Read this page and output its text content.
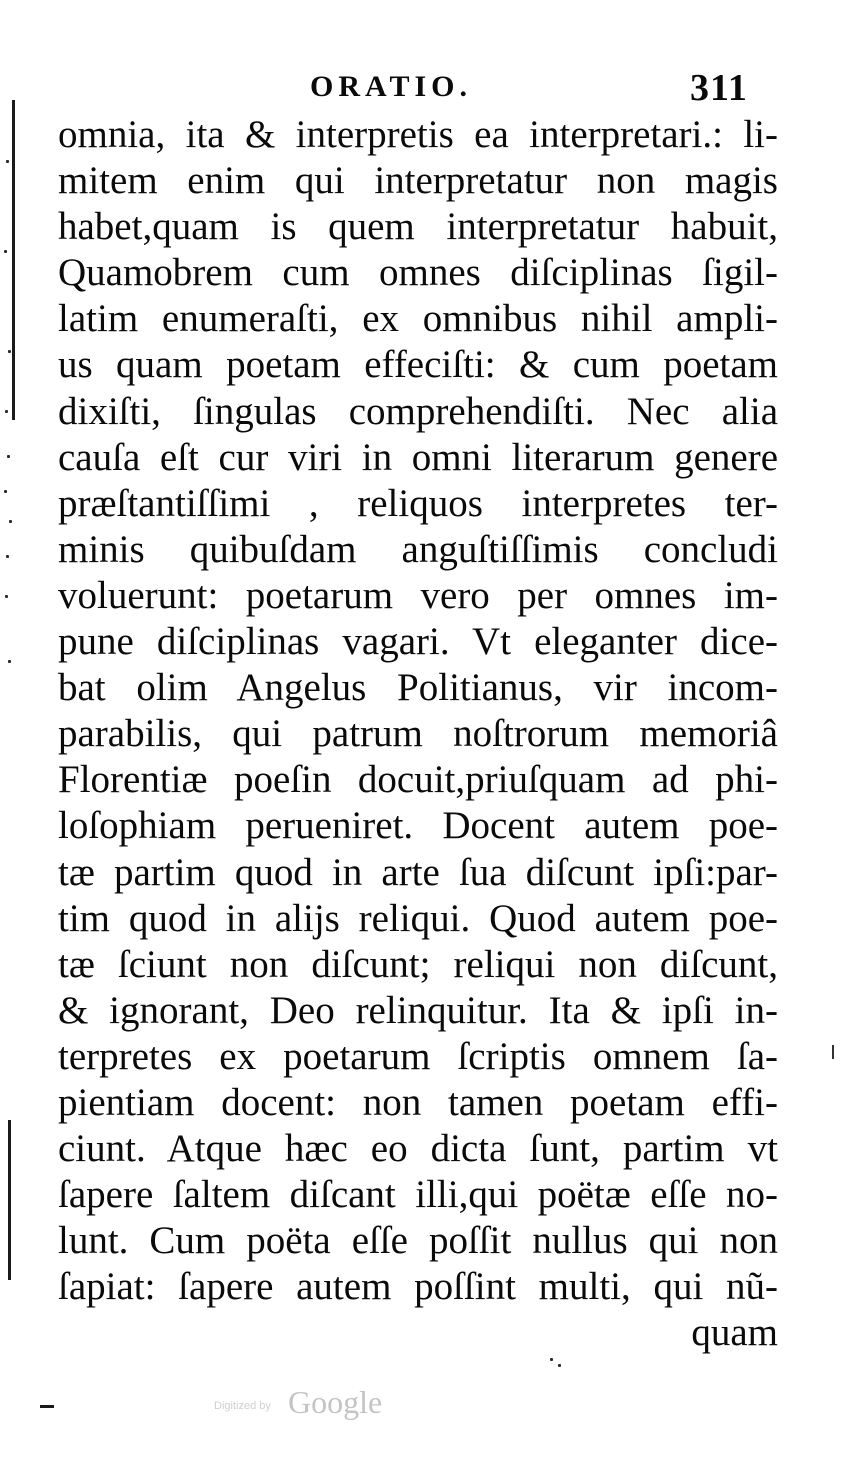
ORATIO.	311
omnia, ita & interpretis ea interpretari.: li-
mitem enim qui interpretatur non magis
habet,quam is quem interpretatur habuit,
Quamobrem cum omnes diſciplinas ſigil-
latim enumeraſti, ex omnibus nihil ampli-
us quam poetam effeciſti: & cum poetam
dixiſti, ſingulas comprehendiſti. Nec alia
cauſa eſt cur viri in omni literarum genere
præſtantiſſimi , reliquos interpretes ter-
minis quibuſdam anguſtiſſimis concludi
voluerunt: poetarum vero per omnes im-
pune diſciplinas vagari. Vt eleganter dice-
bat olim Angelus Politianus, vir incom-
parabilis, qui patrum noſtrorum memoriâ
Florentiæ poeſin docuit,priuſquam ad phi-
loſophiam perueniret. Docent autem poe-
tæ partim quod in arte ſua diſcunt ipſi:par-
tim quod in alijs reliqui. Quod autem poe-
tæ ſciunt non diſcunt; reliqui non diſcunt,
& ignorant, Deo relinquitur. Ita & ipſi in-
terpretes ex poetarum ſcriptis omnem ſa-
pientiam docent: non tamen poetam effi-
ciunt. Atque hæc eo dicta ſunt, partim vt
ſapere ſaltem diſcant illi,qui poëtæ eſſe no-
lunt. Cum poëta eſſe poſſit nullus qui non
ſapiat: ſapere autem poſſint multi, qui nũ-
quam
Digitized by Google
